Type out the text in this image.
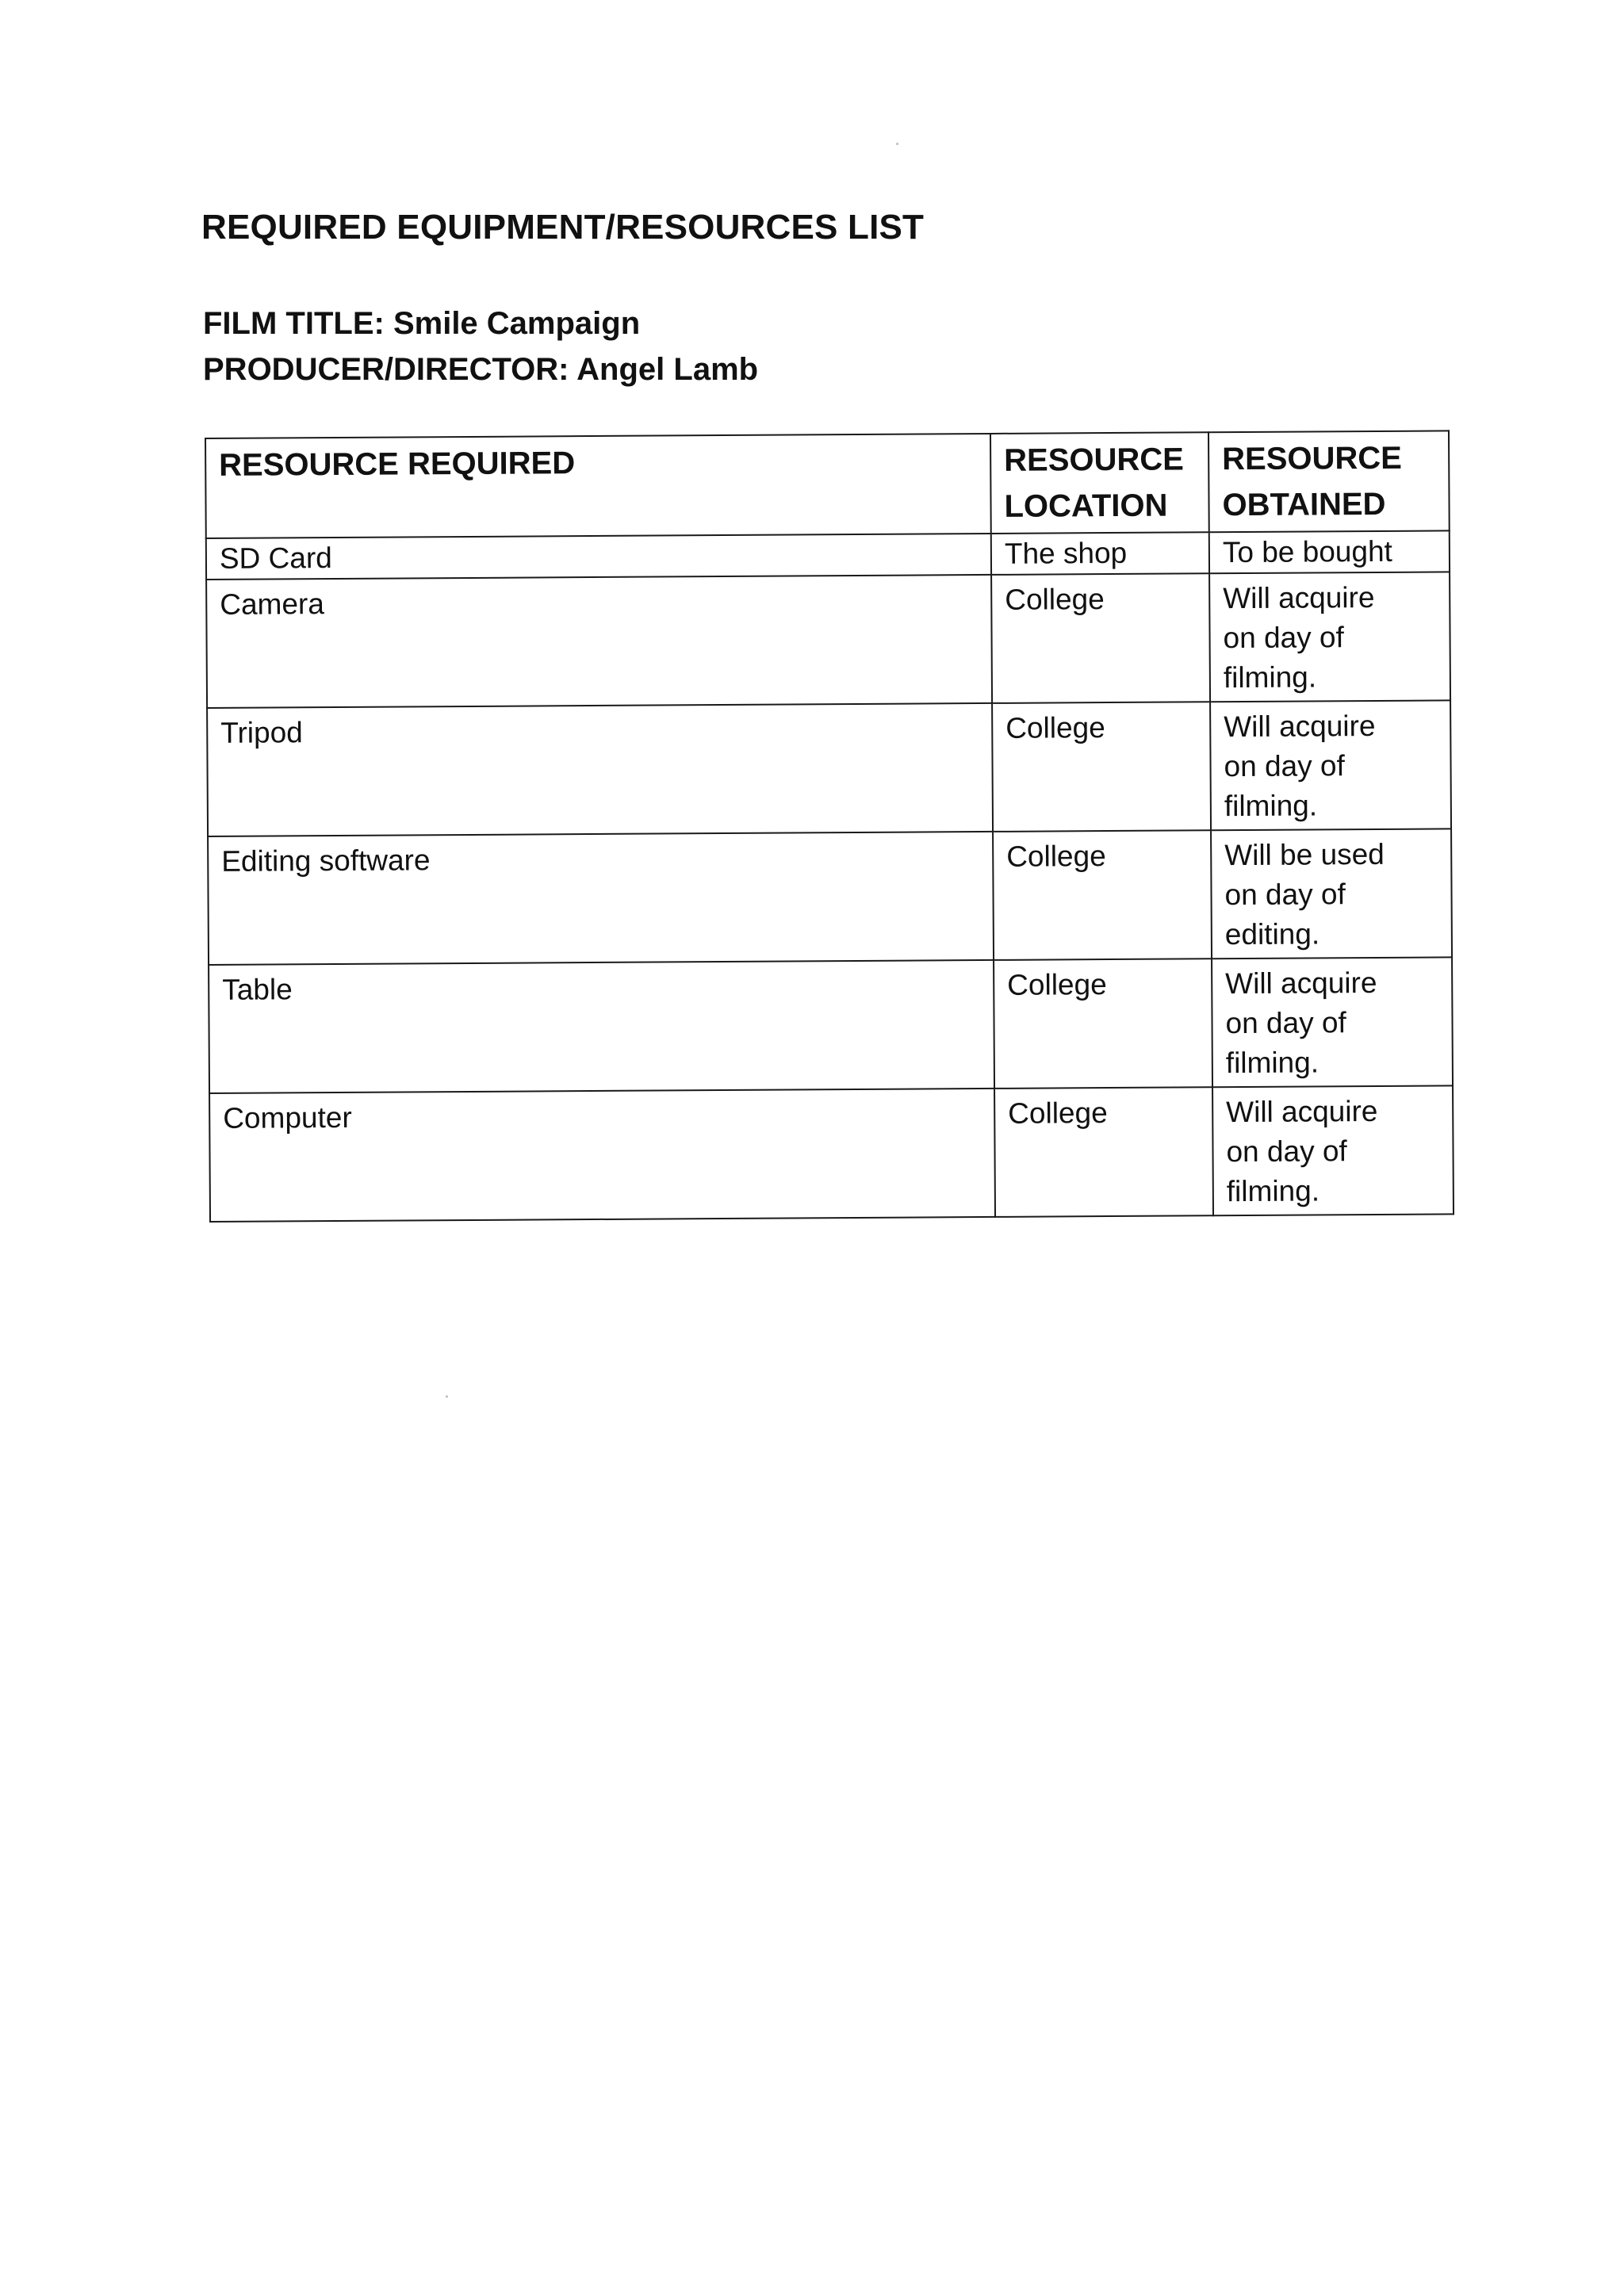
REQUIRED EQUIPMENT/RESOURCES LIST
FILM TITLE: Smile Campaign
PRODUCER/DIRECTOR: Angel Lamb
RESOURCE REQUIRED	RESOURCE LOCATION	RESOURCE OBTAINED
SD Card	The shop	To be bought
Camera	College	Will acquire
on day of
filming.
Tripod	College	Will acquire
on day of
filming.
Editing software	College	Will be used
on day of
editing.
Table	College	Will acquire
on day of
filming.
Computer	College	Will acquire
on day of
filming.
